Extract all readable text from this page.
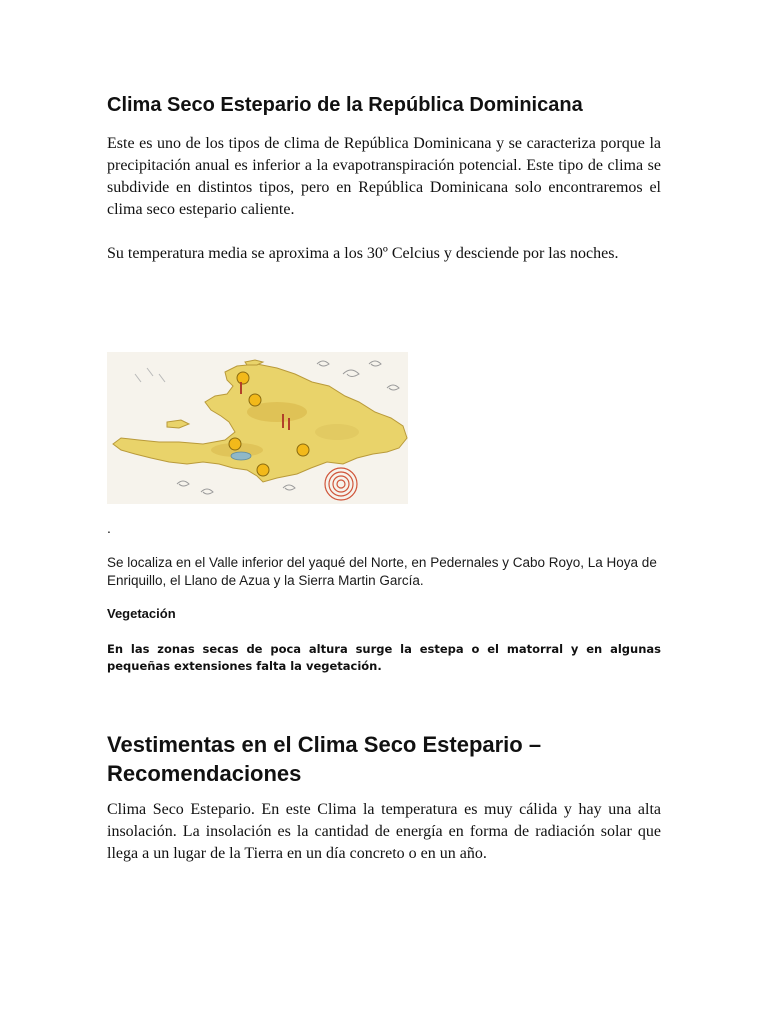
Clima Seco Estepario de la República Dominicana

Este es uno de los tipos de clima de República Dominicana y se caracteriza porque la precipitación anual es inferior a la evapotranspiración potencial. Este tipo de clima se subdivide en distintos tipos, pero en República Dominicana solo encontraremos el clima seco estepario caliente.

Su temperatura media se aproxima a los 30º Celcius y desciende por las noches.

.

Se localiza en el Valle inferior del yaqué del Norte, en Pedernales y Cabo Royo, La Hoya de Enriquillo, el Llano de Azua y la Sierra Martin García.

Vegetación

En las zonas secas de poca altura surge la estepa o el matorral y en algunas pequeñas extensiones falta la vegetación.

Vestimentas en el Clima Seco Estepario – Recomendaciones

Clima Seco Estepario. En este Clima la temperatura es muy cálida y hay una alta insolación. La insolación es la cantidad de energía en forma de radiación solar que llega a un lugar de la Tierra en un día concreto o en un año.
